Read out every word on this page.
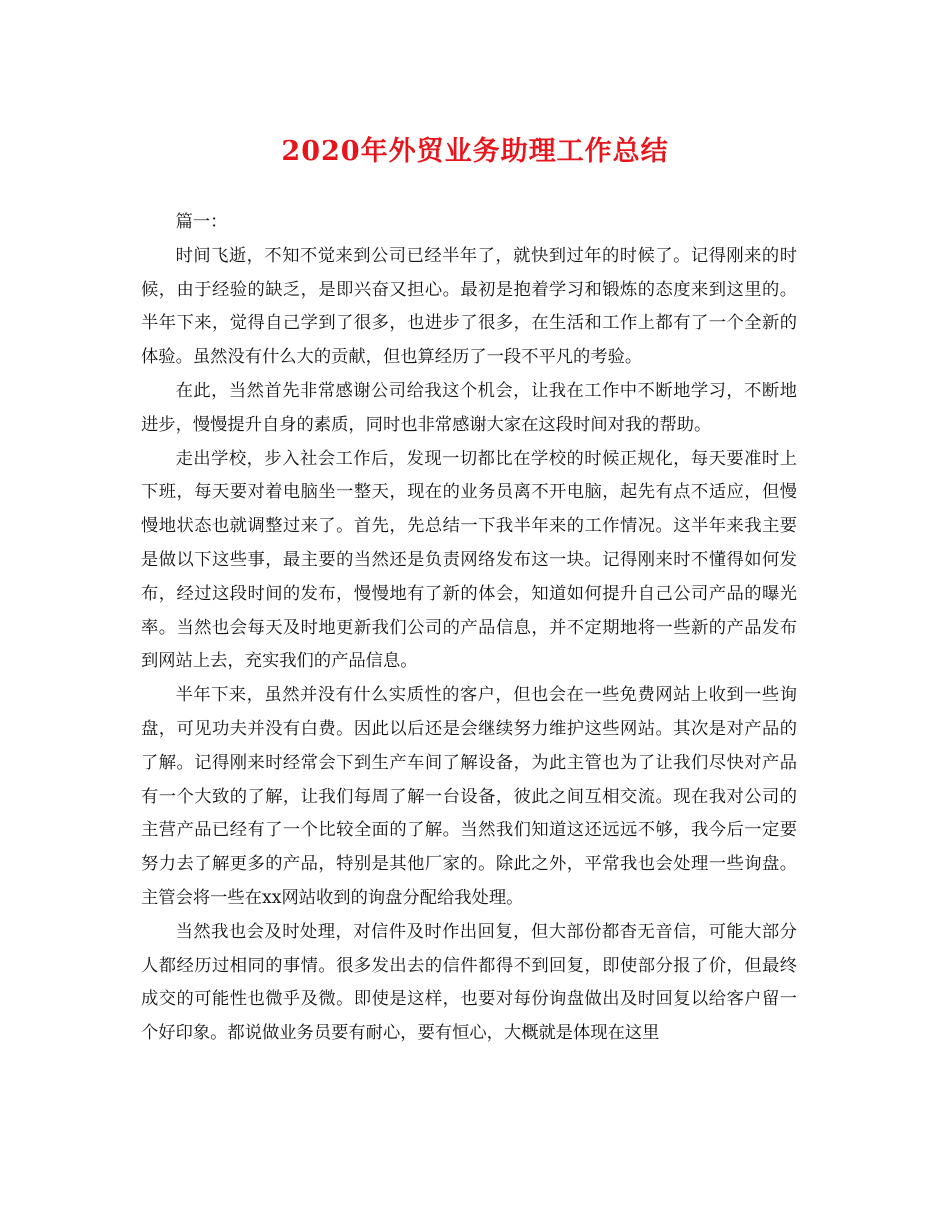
2020年外贸业务助理工作总结

篇一：

时间飞逝，不知不觉来到公司已经半年了，就快到过年的时候了。记得刚来的时候，由于经验的缺乏，是即兴奋又担心。最初是抱着学习和锻炼的态度来到这里的。半年下来，觉得自己学到了很多，也进步了很多，在生活和工作上都有了一个全新的体验。虽然没有什么大的贡献，但也算经历了一段不平凡的考验。

在此，当然首先非常感谢公司给我这个机会，让我在工作中不断地学习，不断地进步，慢慢提升自身的素质，同时也非常感谢大家在这段时间对我的帮助。

走出学校，步入社会工作后，发现一切都比在学校的时候正规化，每天要准时上下班，每天要对着电脑坐一整天，现在的业务员离不开电脑，起先有点不适应，但慢慢地状态也就调整过来了。首先，先总结一下我半年来的工作情况。这半年来我主要是做以下这些事，最主要的当然还是负责网络发布这一块。记得刚来时不懂得如何发布，经过这段时间的发布，慢慢地有了新的体会，知道如何提升自己公司产品的曝光率。当然也会每天及时地更新我们公司的产品信息，并不定期地将一些新的产品发布到网站上去，充实我们的产品信息。

半年下来，虽然并没有什么实质性的客户，但也会在一些免费网站上收到一些询盘，可见功夫并没有白费。因此以后还是会继续努力维护这些网站。其次是对产品的了解。记得刚来时经常会下到生产车间了解设备，为此主管也为了让我们尽快对产品有一个大致的了解，让我们每周了解一台设备，彼此之间互相交流。现在我对公司的主营产品已经有了一个比较全面的了解。当然我们知道这还远远不够，我今后一定要努力去了解更多的产品，特别是其他厂家的。除此之外，平常我也会处理一些询盘。主管会将一些在xx网站收到的询盘分配给我处理。

当然我也会及时处理，对信件及时作出回复，但大部份都杳无音信，可能大部分人都经历过相同的事情。很多发出去的信件都得不到回复，即使部分报了价，但最终成交的可能性也微乎及微。即使是这样，也要对每份询盘做出及时回复以给客户留一个好印象。都说做业务员要有耐心，要有恒心，大概就是体现在这里
